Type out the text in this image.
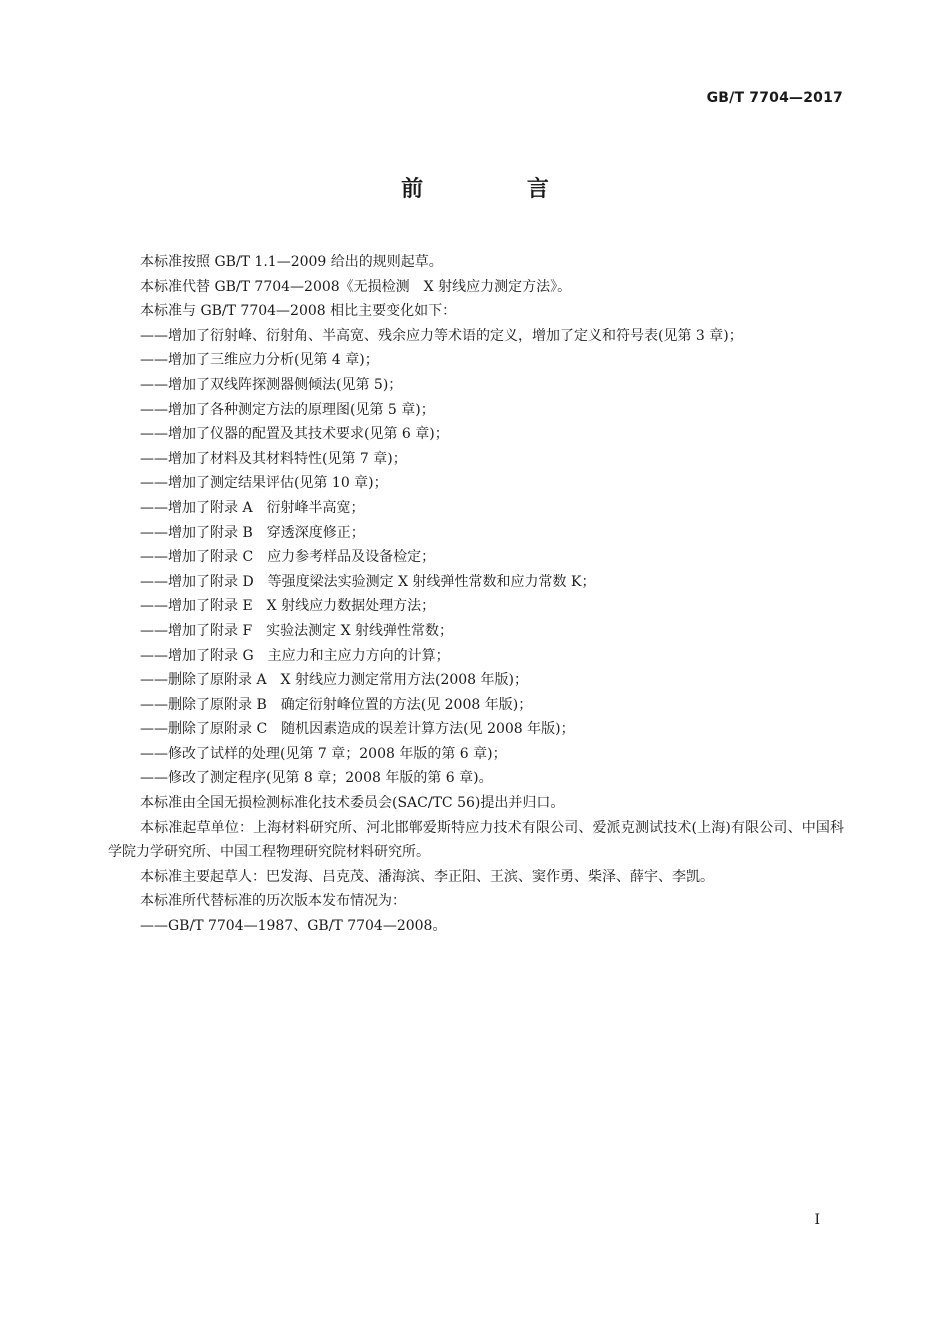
GB/T 7704—2017
前 言

本标准按照 GB/T 1.1—2009 给出的规则起草。

本标准代替 GB/T 7704—2008《无损检测　X 射线应力测定方法》。

本标准与 GB/T 7704—2008 相比主要变化如下：

——增加了衍射峰、衍射角、半高宽、残余应力等术语的定义，增加了定义和符号表(见第 3 章)；

——增加了三维应力分析(见第 4 章)；

——增加了双线阵探测器侧倾法(见第 5)；

——增加了各种测定方法的原理图(见第 5 章)；

——增加了仪器的配置及其技术要求(见第 6 章)；

——增加了材料及其材料特性(见第 7 章)；

——增加了测定结果评估(见第 10 章)；

——增加了附录 A　衍射峰半高宽；

——增加了附录 B　穿透深度修正；

——增加了附录 C　应力参考样品及设备检定；

——增加了附录 D　等强度梁法实验测定 X 射线弹性常数和应力常数 K；

——增加了附录 E　X 射线应力数据处理方法；

——增加了附录 F　实验法测定 X 射线弹性常数；

——增加了附录 G　主应力和主应力方向的计算；

——删除了原附录 A　X 射线应力测定常用方法(2008 年版)；

——删除了原附录 B　确定衍射峰位置的方法(见 2008 年版)；

——删除了原附录 C　随机因素造成的误差计算方法(见 2008 年版)；

——修改了试样的处理(见第 7 章；2008 年版的第 6 章)；

——修改了测定程序(见第 8 章；2008 年版的第 6 章)。

本标准由全国无损检测标准化技术委员会(SAC/TC 56)提出并归口。

本标准起草单位：上海材料研究所、河北邯郸爱斯特应力技术有限公司、爱派克测试技术(上海)有限公司、中国科学院力学研究所、中国工程物理研究院材料研究所。

本标准主要起草人：巴发海、吕克茂、潘海滨、李正阳、王滨、窦作勇、柴泽、薛宇、李凯。

本标准所代替标准的历次版本发布情况为：

——GB/T 7704—1987、GB/T 7704—2008。

I
